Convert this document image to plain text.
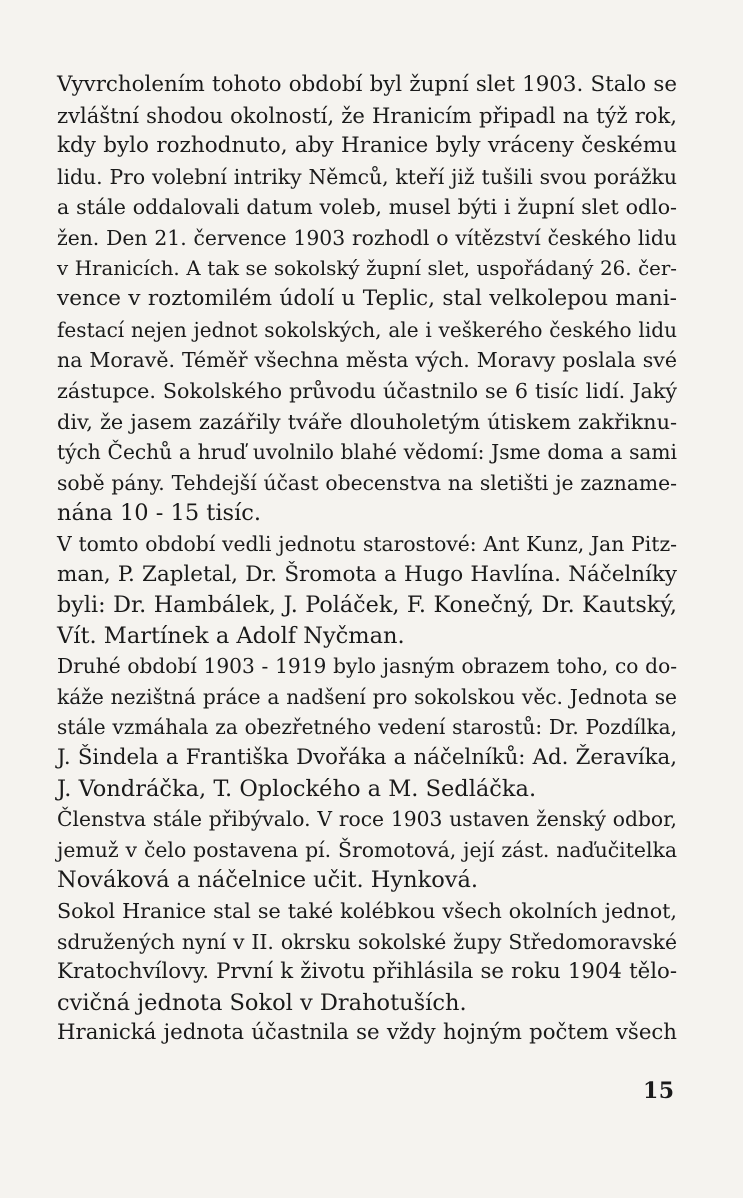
Vyvrcholením tohoto období byl župní slet 1903. Stalo se
zvláštní shodou okolností, že Hranicím připadl na týž rok,
kdy bylo rozhodnuto, aby Hranice byly vráceny českému
lidu. Pro volební intriky Němců, kteří již tušili svou porážku
a stále oddalovali datum voleb, musel býti i župní slet odlo-
žen. Den 21. července 1903 rozhodl o vítězství českého lidu
v Hranicích. A tak se sokolský župní slet, uspořádaný 26. čer-
vence v roztomilém údolí u Teplic, stal velkolepou mani-
festací nejen jednot sokolských, ale i veškerého českého lidu
na Moravě. Téměř všechna města vých. Moravy poslala své
zástupce. Sokolského průvodu účastnilo se 6 tisíc lidí. Jaký
div, že jasem zazářily tváře dlouholetým útiskem zakřiknu-
tých Čechů a hruď uvolnilo blahé vědomí: Jsme doma a sami
sobě pány. Tehdejší účast obecenstva na sletišti je zazname-
nána 10 - 15 tisíc.
V tomto období vedli jednotu starostové: Ant Kunz, Jan Pitz-
man, P. Zapletal, Dr. Šromota a Hugo Havlína. Náčelníky
byli: Dr. Hambálek, J. Poláček, F. Konečný, Dr. Kautský,
Vít. Martínek a Adolf Nyčman.
Druhé období 1903 - 1919 bylo jasným obrazem toho, co do-
káže nezištná práce a nadšení pro sokolskou věc. Jednota se
stále vzmáhala za obezřetného vedení starostů: Dr. Pozdílka,
J. Šindela a Františka Dvořáka a náčelníků: Ad. Žeravíka,
J. Vondráčka, T. Oplockého a M. Sedláčka.
Členstva stále přibývalo. V roce 1903 ustaven ženský odbor,
jemuž v čelo postavena pí. Šromotová, její zást. naďučitelka
Nováková a náčelnice učit. Hynková.
Sokol Hranice stal se také kolébkou všech okolních jednot,
sdružených nyní v II. okrsku sokolské župy Středomoravské
Kratochvílovy. První k životu přihlásila se roku 1904 tělo-
cvičná jednota Sokol v Drahotuších.
Hranická jednota účastnila se vždy hojným počtem všech
15
